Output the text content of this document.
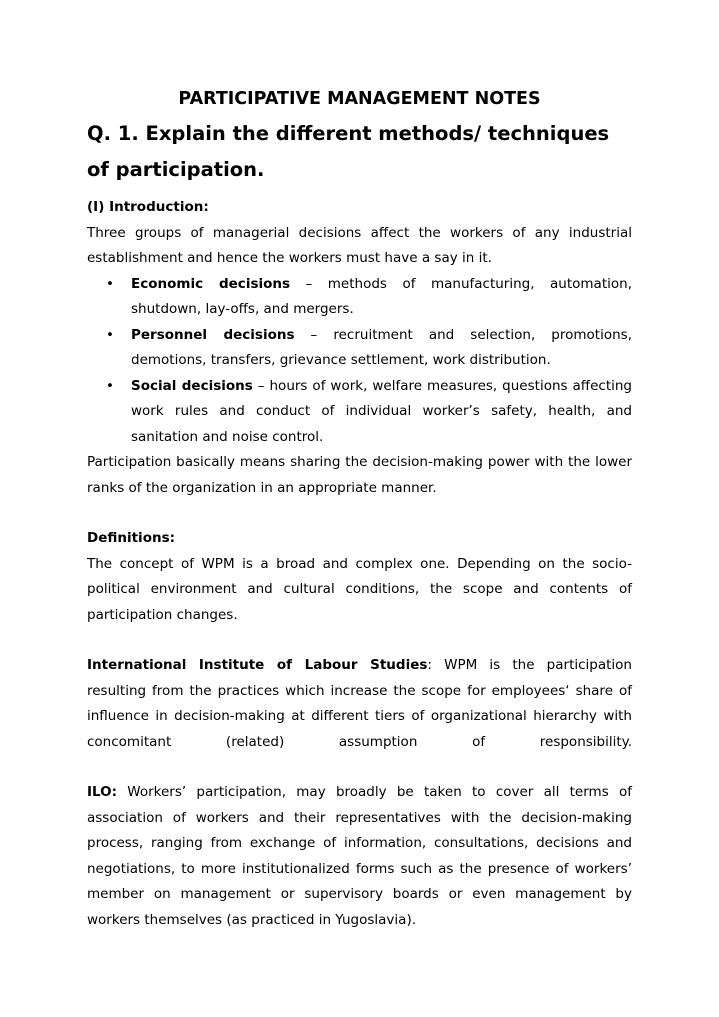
PARTICIPATIVE MANAGEMENT NOTES
Q. 1. Explain the different methods/ techniques of participation.
(I) Introduction:

Three groups of managerial decisions affect the workers of any industrial establishment and hence the workers must have a say in it.

• Economic decisions – methods of manufacturing, automation, shutdown, lay-offs, and mergers.
• Personnel decisions – recruitment and selection, promotions, demotions, transfers, grievance settlement, work distribution.
• Social decisions – hours of work, welfare measures, questions affecting work rules and conduct of individual worker’s safety, health, and sanitation and noise control.

Participation basically means sharing the decision-making power with the lower ranks of the organization in an appropriate manner.

Definitions:

The concept of WPM is a broad and complex one. Depending on the socio-political environment and cultural conditions, the scope and contents of participation changes.

International Institute of Labour Studies: WPM is the participation resulting from the practices which increase the scope for employees‘ share of influence in decision-making at different tiers of organizational hierarchy with concomitant (related) assumption of responsibility.

ILO: Workers’ participation, may broadly be taken to cover all terms of association of workers and their representatives with the decision-making process, ranging from exchange of information, consultations, decisions and negotiations, to more institutionalized forms such as the presence of workers’ member on management or supervisory boards or even management by workers themselves (as practiced in Yugoslavia).
